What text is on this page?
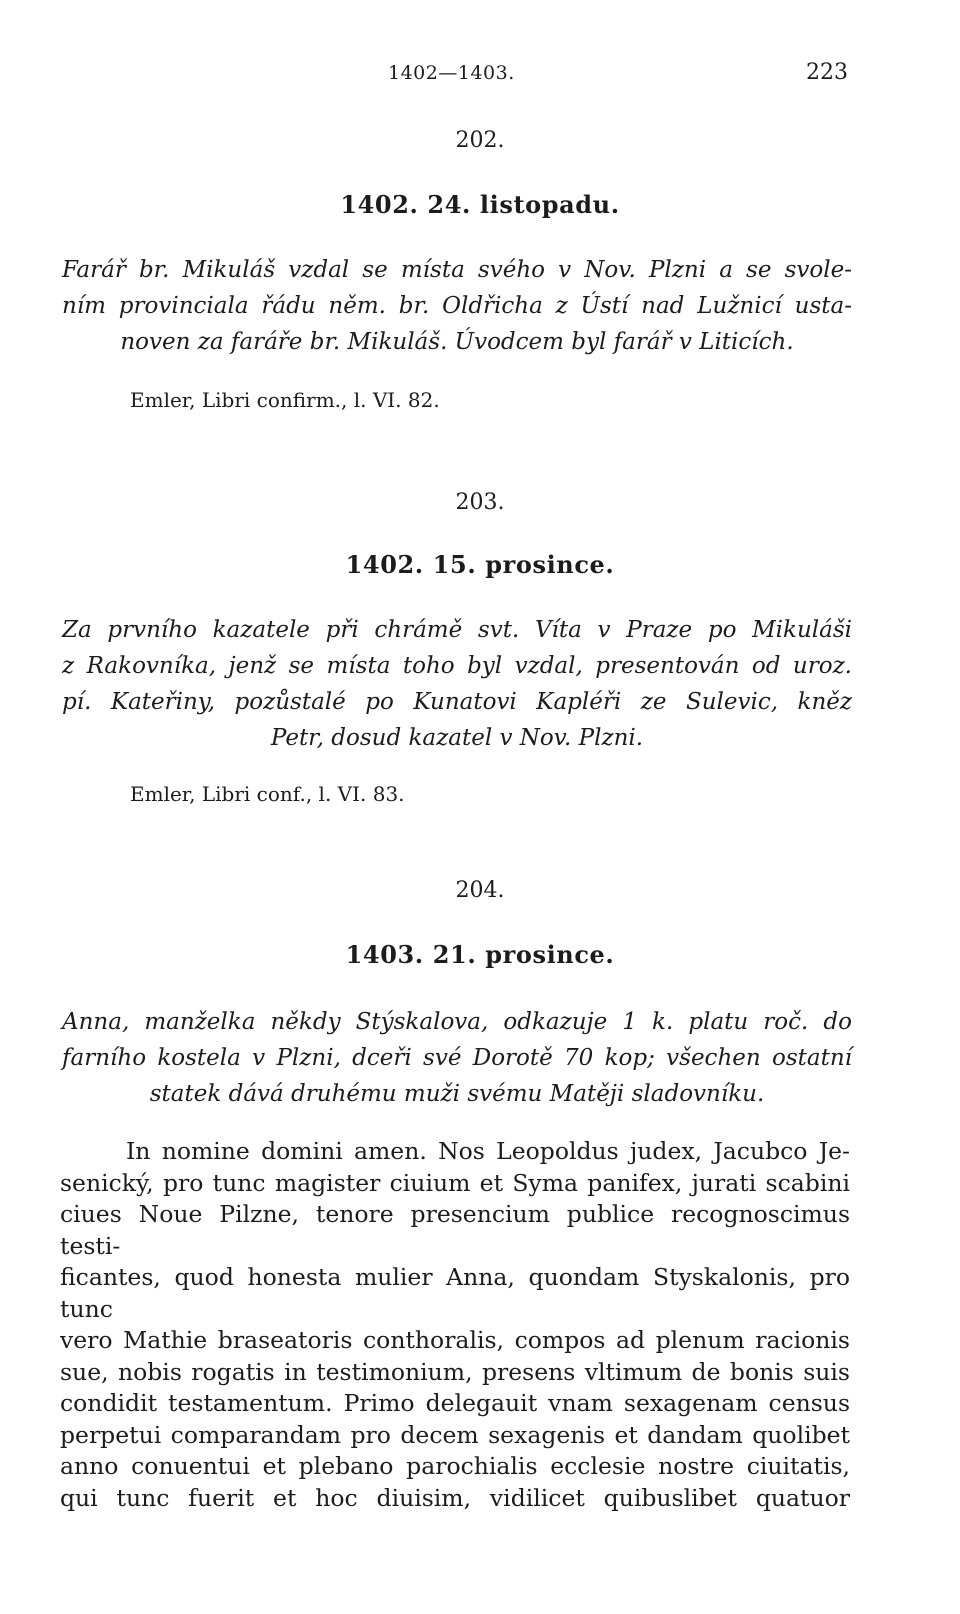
1402—1403.	223
202.
1402. 24. listopadu.
Farář br. Mikuláš vzdal se místa svého v Nov. Plzni a se svole-
ním provinciala řádu něm. br. Oldřicha z Ústí nad Lužnicí usta-
noven za faráře br. Mikuláš. Úvodcem byl farář v Liticích.
Emler, Libri confirm., l. VI. 82.
203.
1402. 15. prosince.
Za prvního kazatele při chrámě svt. Víta v Praze po Mikuláši
z Rakovníka, jenž se místa toho byl vzdal, presentován od uroz.
pí. Kateřiny, pozůstalé po Kunatovi Kapléři ze Sulevic, kněz
Petr, dosud kazatel v Nov. Plzni.
Emler, Libri conf., l. VI. 83.
204.
1403. 21. prosince.
Anna, manželka někdy Stýskalova, odkazuje 1 k. platu roč. do
farního kostela v Plzni, dceři své Dorotě 70 kop; všechen ostatní
statek dává druhému muži svému Matěji sladovníku.
In nomine domini amen. Nos Leopoldus judex, Jacubco Je-
senický, pro tunc magister ciuium et Syma panifex, jurati scabini
ciues Noue Pilzne, tenore presencium publice recognoscimus testi-
ficantes, quod honesta mulier Anna, quondam Styskalonis, pro tunc
vero Mathie braseatoris conthoralis, compos ad plenum racionis
sue, nobis rogatis in testimonium, presens vltimum de bonis suis
condidit testamentum. Primo delegauit vnam sexagenam census
perpetui comparandam pro decem sexagenis et dandam quolibet
anno conuentui et plebano parochialis ecclesie nostre ciuitatis,
qui tunc fuerit et hoc diuisim, vidilicet quibuslibet quatuor
